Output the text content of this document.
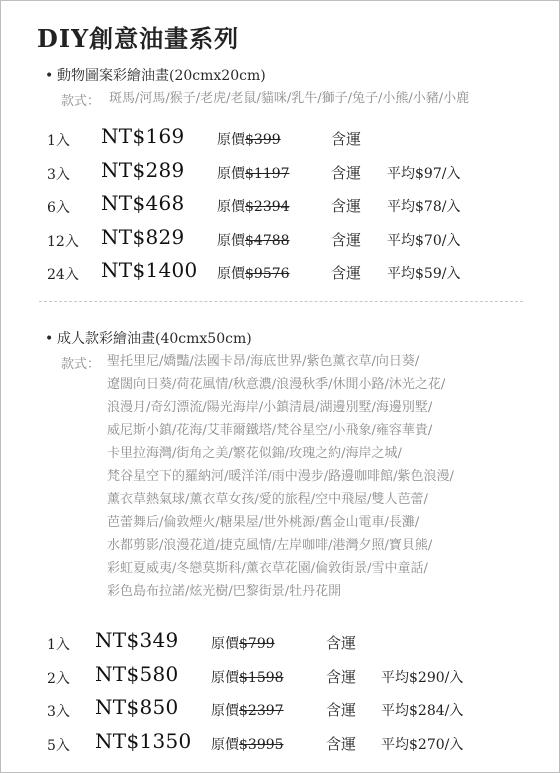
DIY創意油畫系列
• 動物圖案彩繪油畫(20cmx20cm)
款式： 斑馬/河馬/猴子/老虎/老鼠/貓咪/乳牛/獅子/兔子/小熊/小豬/小鹿
1入 NT$169 原價$399	含運
3入 NT$289 原價$1197	含運 平均$97/入
6入 NT$468 原價$2394	含運 平均$78/入
12入 NT$829 原價$4788	含運 平均$70/入
24入 NT$1400 原價$9576	含運 平均$59/入
• 成人款彩繪油畫(40cmx50cm)
款式： 聖托里尼/嬌豔/法國卡昂/海底世界/紫色薰衣草/向日葵/
遼闊向日葵/荷花風情/秋意濃/浪漫秋季/休閒小路/沐光之花/
浪漫月/奇幻漂流/陽光海岸/小鎮清晨/湖邊別墅/海邊別墅/
威尼斯小鎮/花海/艾菲爾鐵塔/梵谷星空/小飛象/雍容華貴/
卡里拉海灣/街角之美/繁花似錦/玫瑰之約/海岸之城/
梵谷星空下的羅納河/暖洋洋/雨中漫步/路邊咖啡館/紫色浪漫/
薰衣草熱氣球/薰衣草女孩/愛的旅程/空中飛屋/雙人芭蕾/
芭蕾舞后/倫敦煙火/糖果屋/世外桃源/舊金山電車/長灘/
水都剪影/浪漫花道/捷克風情/左岸咖啡/港灣夕照/寶貝熊/
彩虹夏威夷/冬戀莫斯科/薰衣草花園/倫敦街景/雪中童話/
彩色島布拉諾/炫光樹/巴黎街景/牡丹花開
1入 NT$349 原價$799	含運
2入 NT$580 原價$1598	含運 平均$290/入
3入 NT$850 原價$2397	含運 平均$284/入
5入 NT$1350 原價$3995	含運 平均$270/入
